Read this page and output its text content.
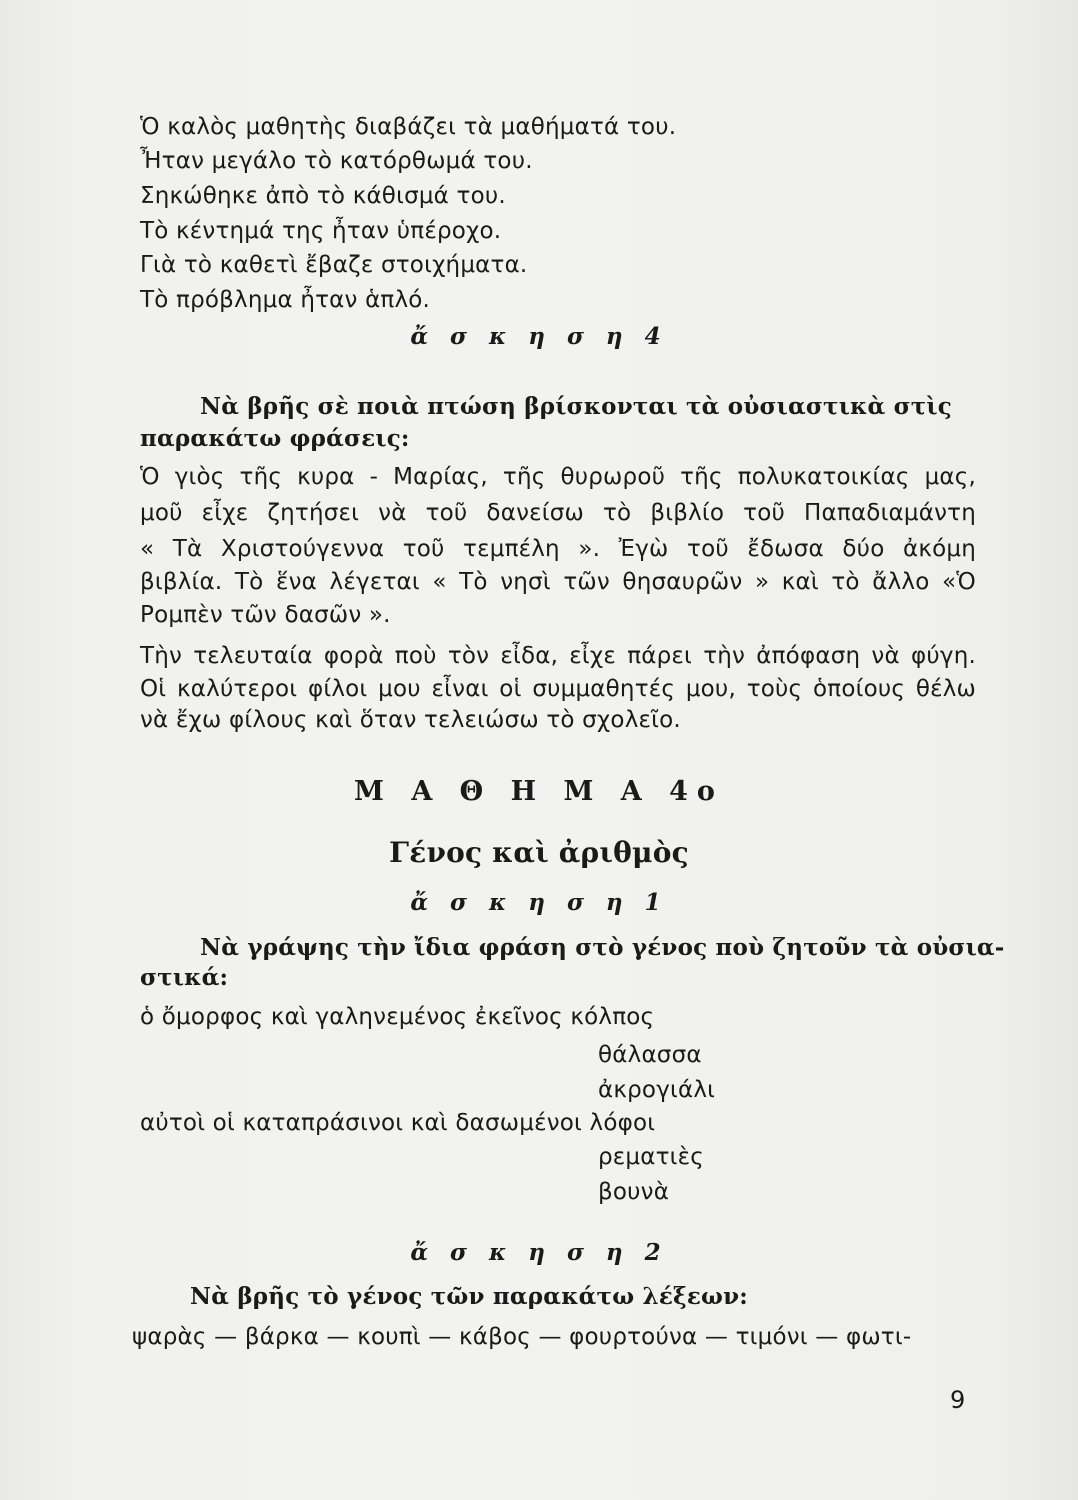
Ὁ καλὸς μαθητὴς διαβάζει τὰ μαθήματά του.
Ἦταν μεγάλο τὸ κατόρθωμά του.
Σηκώθηκε ἀπὸ τὸ κάθισμά του.
Τὸ κέντημά της ἦταν ὑπέροχο.
Γιὰ τὸ καθετὶ ἔβαζε στοιχήματα.
Τὸ πρόβλημα ἦταν ἁπλό.
ἄ σ κ η σ η 4
Νὰ βρῆς σὲ ποιὰ πτώση βρίσκονται τὰ οὐσιαστικὰ στὶς
παρακάτω φράσεις:
Ὁ γιὸς τῆς κυρα - Μαρίας, τῆς θυρωροῦ τῆς πολυκατοικίας μας,
μοῦ εἶχε ζητήσει νὰ τοῦ δανείσω τὸ βιβλίο τοῦ Παπαδιαμάντη
« Τὰ Χριστούγεννα τοῦ τεμπέλη ». Ἐγὼ τοῦ ἔδωσα δύο ἀκόμη
βιβλία. Τὸ ἕνα λέγεται « Τὸ νησὶ τῶν θησαυρῶν » καὶ τὸ ἄλλο «Ὁ
Ρομπὲν τῶν δασῶν ».
Τὴν τελευταία φορὰ ποὺ τὸν εἶδα, εἶχε πάρει τὴν ἀπόφαση νὰ φύγη.
Οἱ καλύτεροι φίλοι μου εἶναι οἱ συμμαθητές μου, τοὺς ὁποίους θέλω
νὰ ἔχω φίλους καὶ ὅταν τελειώσω τὸ σχολεῖο.
Μ Α Θ Η Μ Α 4ο
Γένος καὶ ἀριθμὸς
ἄ σ κ η σ η 1
Νὰ γράψης τὴν ἴδια φράση στὸ γένος ποὺ ζητοῦν τὰ οὐσια-
στικά:
ὁ ὄμορφος καὶ γαληνεμένος ἐκεῖνος κόλπος
θάλασσα
ἀκρογιάλι
αὐτοὶ οἱ καταπράσινοι καὶ δασωμένοι λόφοι
ρεματιὲς
βουνὰ
ἄ σ κ η σ η 2
Νὰ βρῆς τὸ γένος τῶν παρακάτω λέξεων:
ψαρὰς — βάρκα — κουπὶ — κάβος — φουρτούνα — τιμόνι — φωτι-
9
